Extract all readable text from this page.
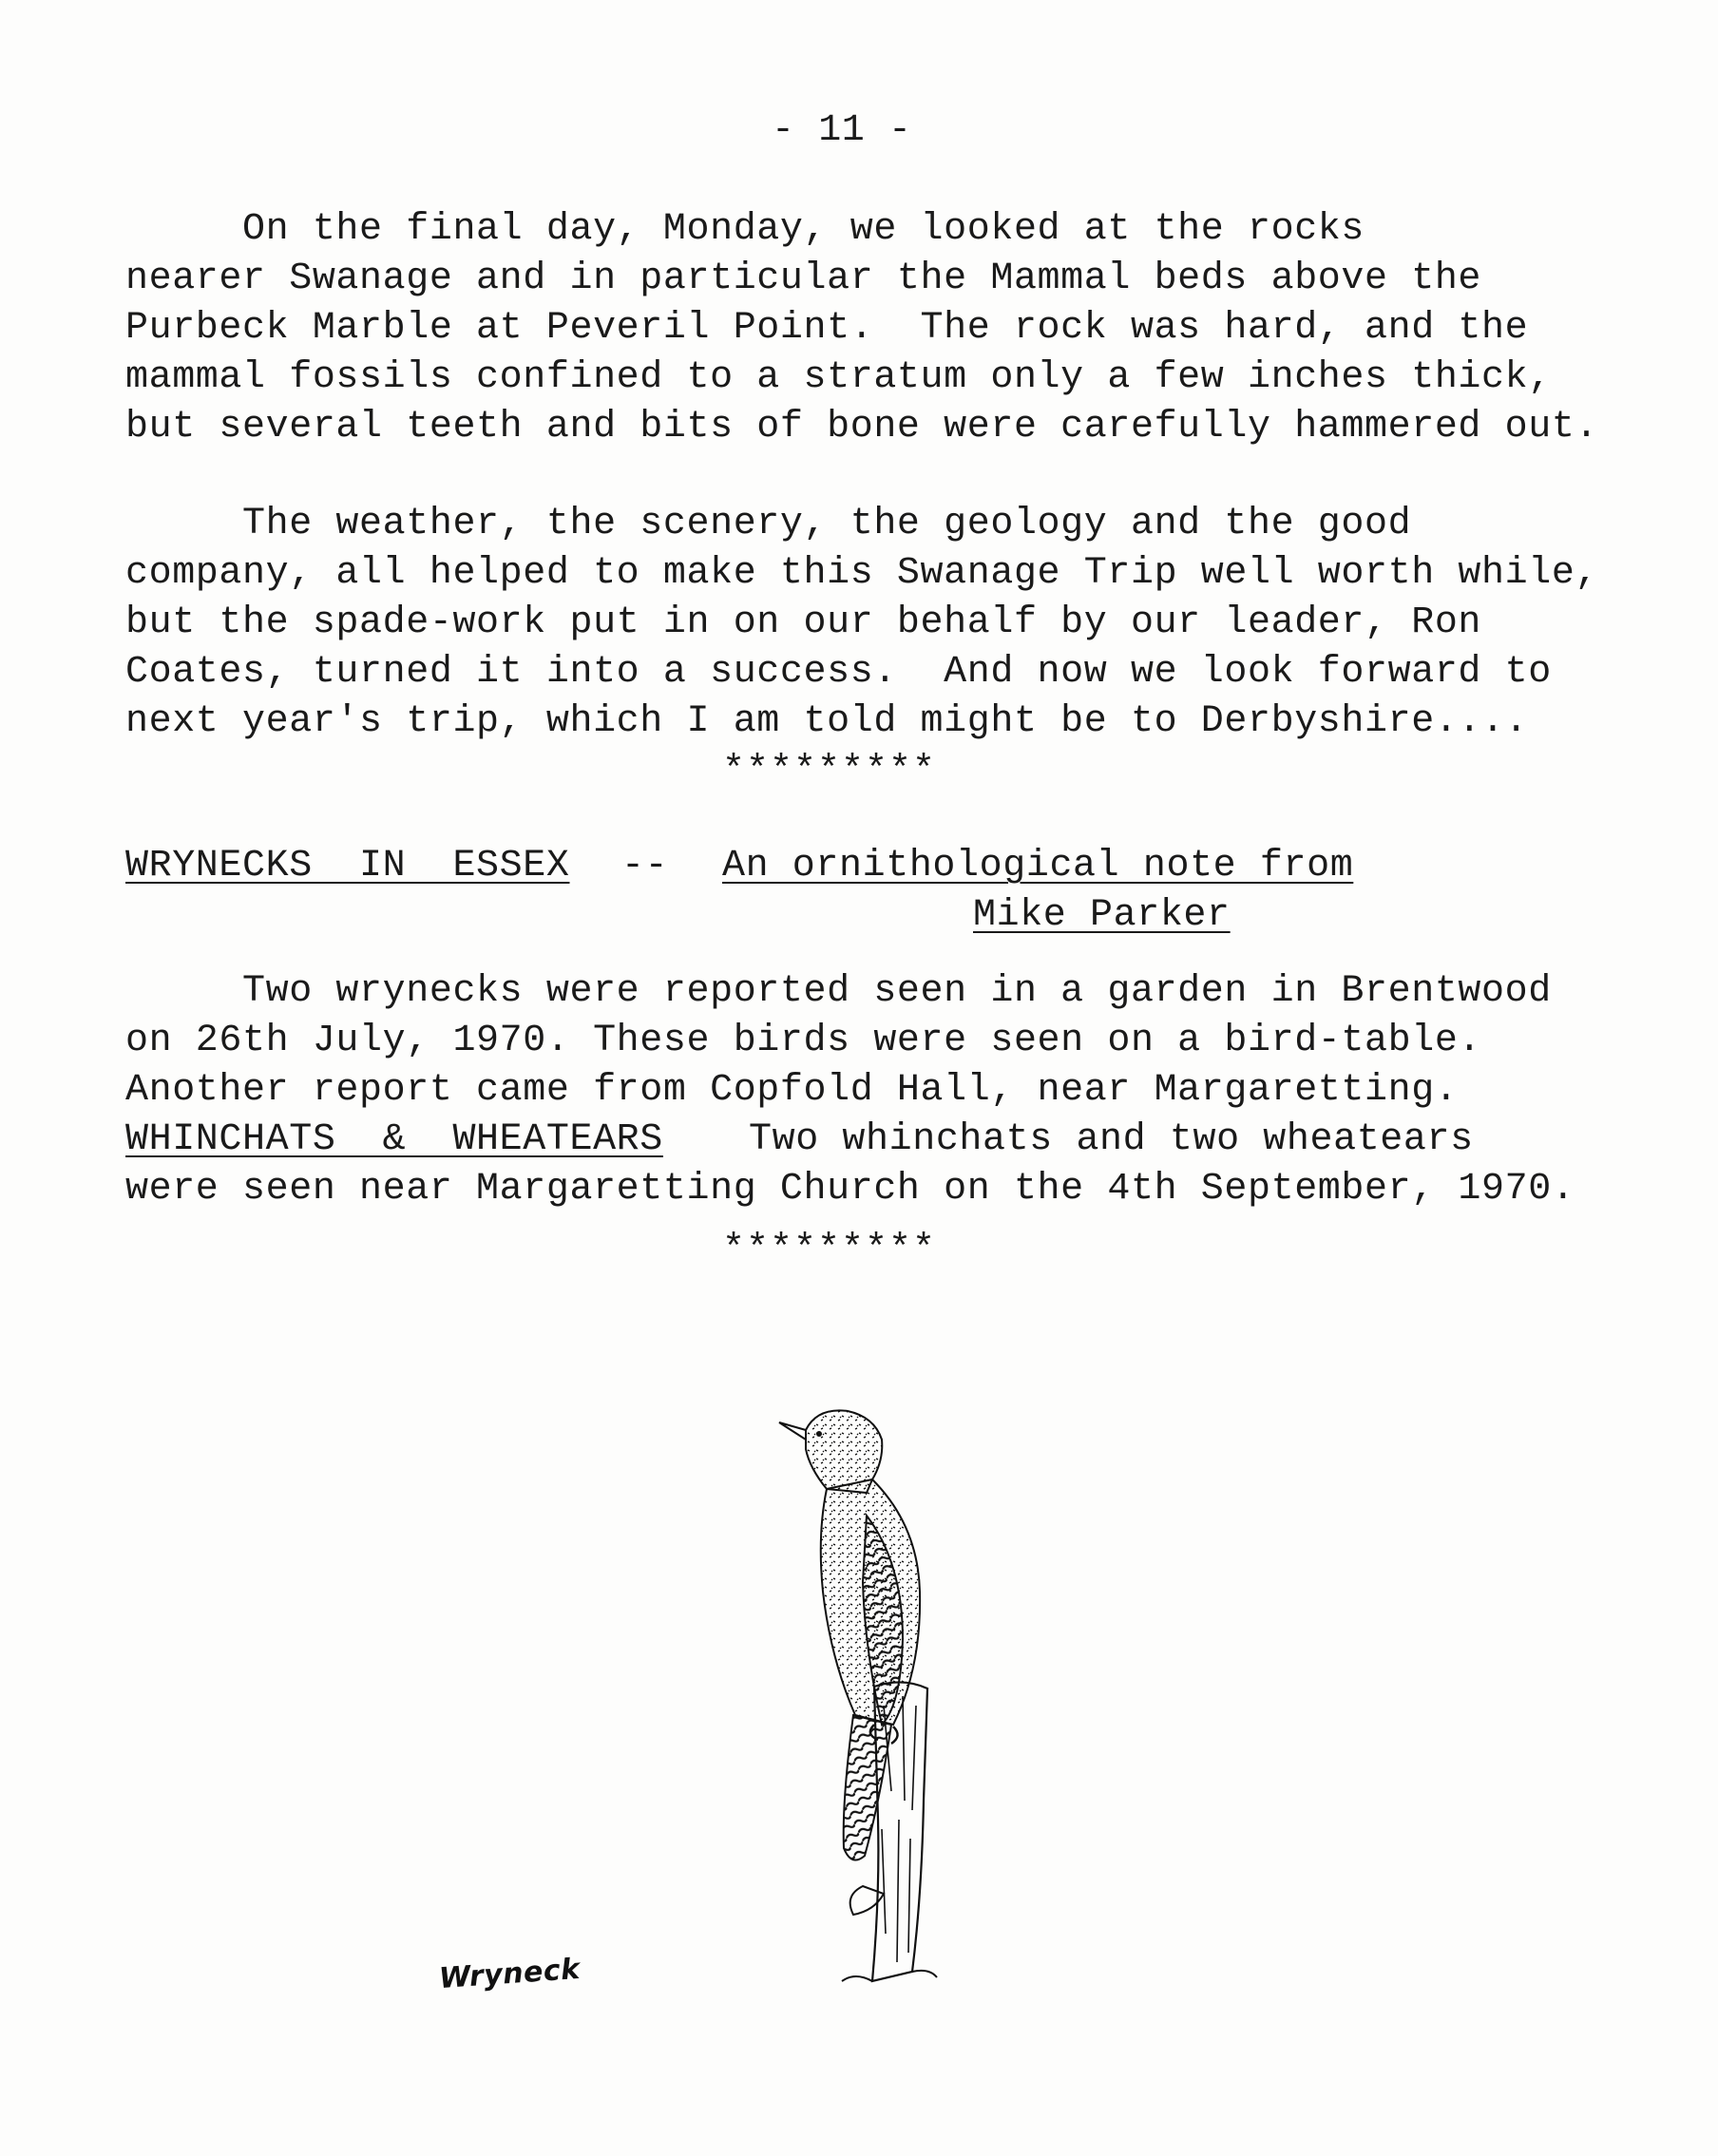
- 11 -
On the final day, Monday, we looked at the rocks
nearer Swanage and in particular the Mammal beds above the
Purbeck Marble at Peveril Point.  The rock was hard, and the
mammal fossils confined to a stratum only a few inches thick,
but several teeth and bits of bone were carefully hammered out.
The weather, the scenery, the geology and the good
company, all helped to make this Swanage Trip well worth while,
but the spade-work put in on our behalf by our leader, Ron
Coates, turned it into a success.  And now we look forward to
next year's trip, which I am told might be to Derbyshire....
*********
WRYNECKS  IN  ESSEX -- An ornithological note from
Mike Parker
Two wrynecks were reported seen in a garden in Brentwood
on 26th July, 1970. These birds were seen on a bird-table.
Another report came from Copfold Hall, near Margaretting.
WHINCHATS  &  WHEATEARS Two whinchats and two wheatears
were seen near Margaretting Church on the 4th September, 1970.
*********
Wryneck
